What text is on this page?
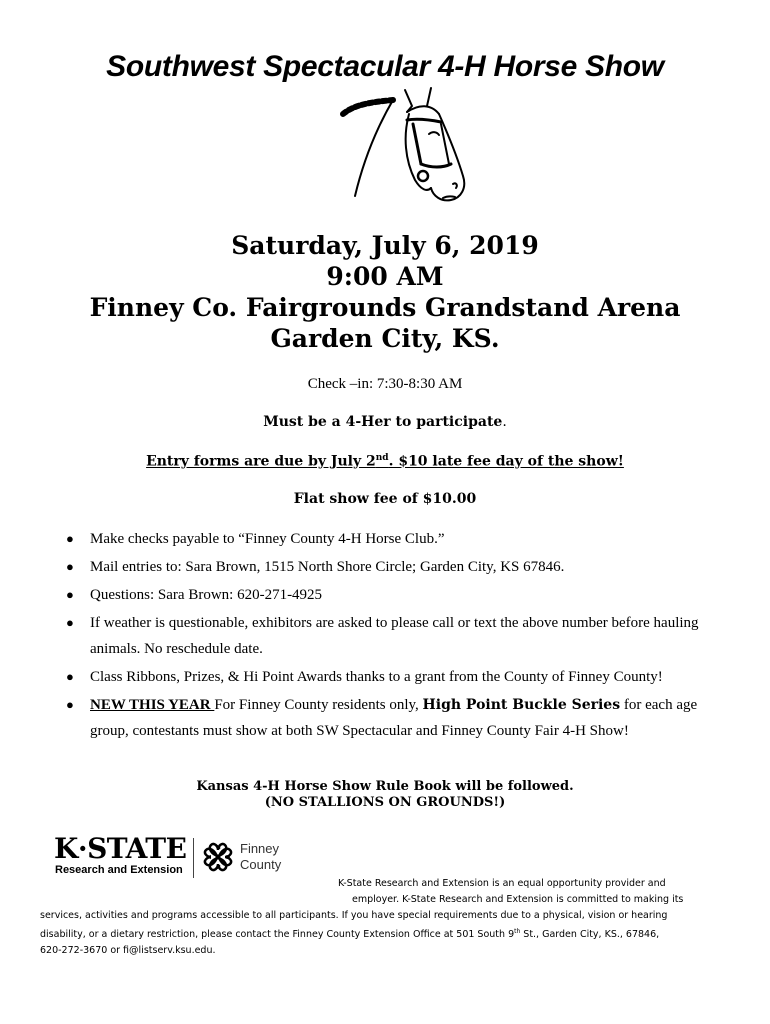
Southwest Spectacular 4-H Horse Show
Saturday, July 6, 2019
9:00 AM
Finney Co. Fairgrounds Grandstand Arena
Garden City, KS.
Check –in: 7:30-8:30 AM
Must be a 4-Her to participate.
Entry forms are due by July 2nd. $10 late fee day of the show!
Flat show fee of $10.00
● Make checks payable to “Finney County 4-H Horse Club.”
● Mail entries to: Sara Brown, 1515 North Shore Circle; Garden City, KS 67846.
● Questions: Sara Brown: 620-271-4925
● If weather is questionable, exhibitors are asked to please call or text the above number before hauling animals. No reschedule date.
● Class Ribbons, Prizes, & Hi Point Awards thanks to a grant from the County of Finney County!
● NEW THIS YEAR For Finney County residents only, High Point Buckle Series for each age group, contestants must show at both SW Spectacular and Finney County Fair 4-H Show!
Kansas 4-H Horse Show Rule Book will be followed.
(NO STALLIONS ON GROUNDS!)
K·STATE
Research and Extension
H
H
H	H
Finney
County
K-State Research and Extension is an equal opportunity provider and
employer. K-State Research and Extension is committed to making its
services, activities and programs accessible to all participants. If you have special requirements due to a physical, vision or hearing
disability, or a dietary restriction, please contact the Finney County Extension Office at 501 South 9th St., Garden City, KS., 67846,
620-272-3670 or fi@listserv.ksu.edu.
